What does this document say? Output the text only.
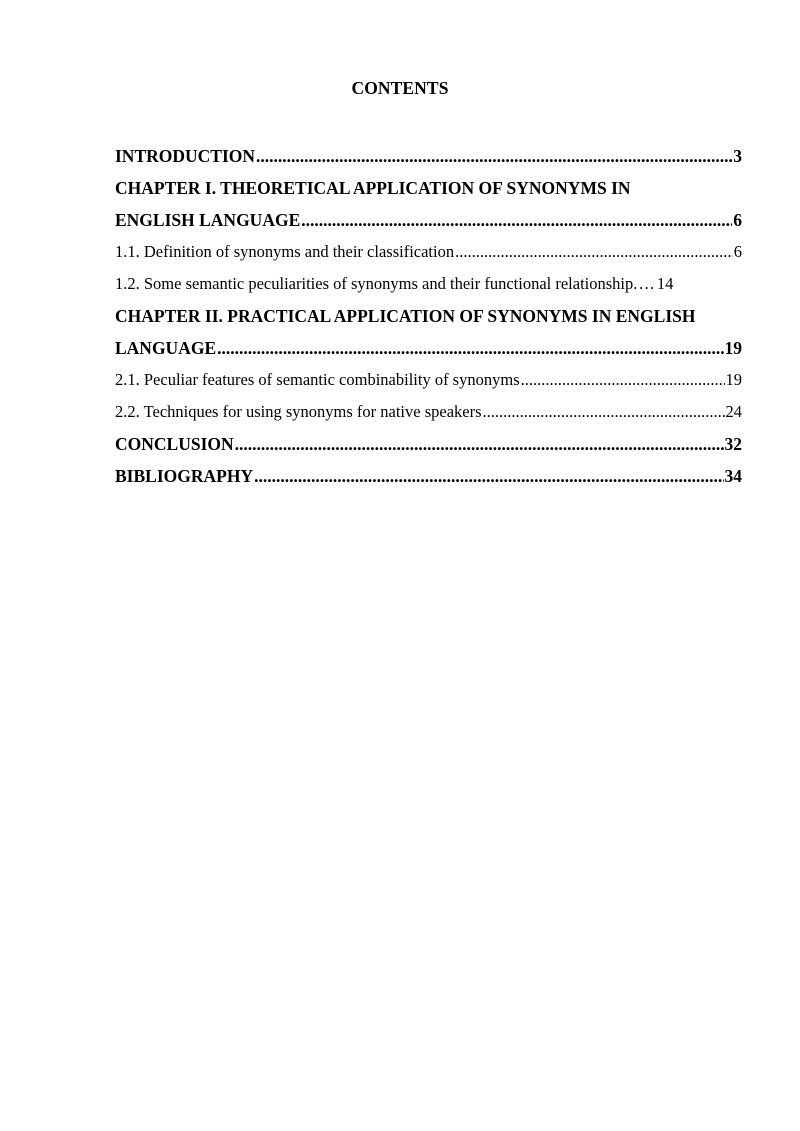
CONTENTS
INTRODUCTION .....	3
CHAPTER I. THEORETICAL APPLICATION OF SYNONYMS IN
ENGLISH LANGUAGE .....	6
1.1. Definition of synonyms and their classification .....	6
1.2. Some semantic peculiarities of synonyms and their functional relationship. … 14
CHAPTER II. PRACTICAL APPLICATION OF SYNONYMS IN ENGLISH
LANGUAGE .....	19
2.1. Peculiar features of semantic combinability of synonyms .....	19
2.2. Techniques for using synonyms for native speakers .....	24
CONCLUSION .....	32
BIBLIOGRAPHY .....	34
